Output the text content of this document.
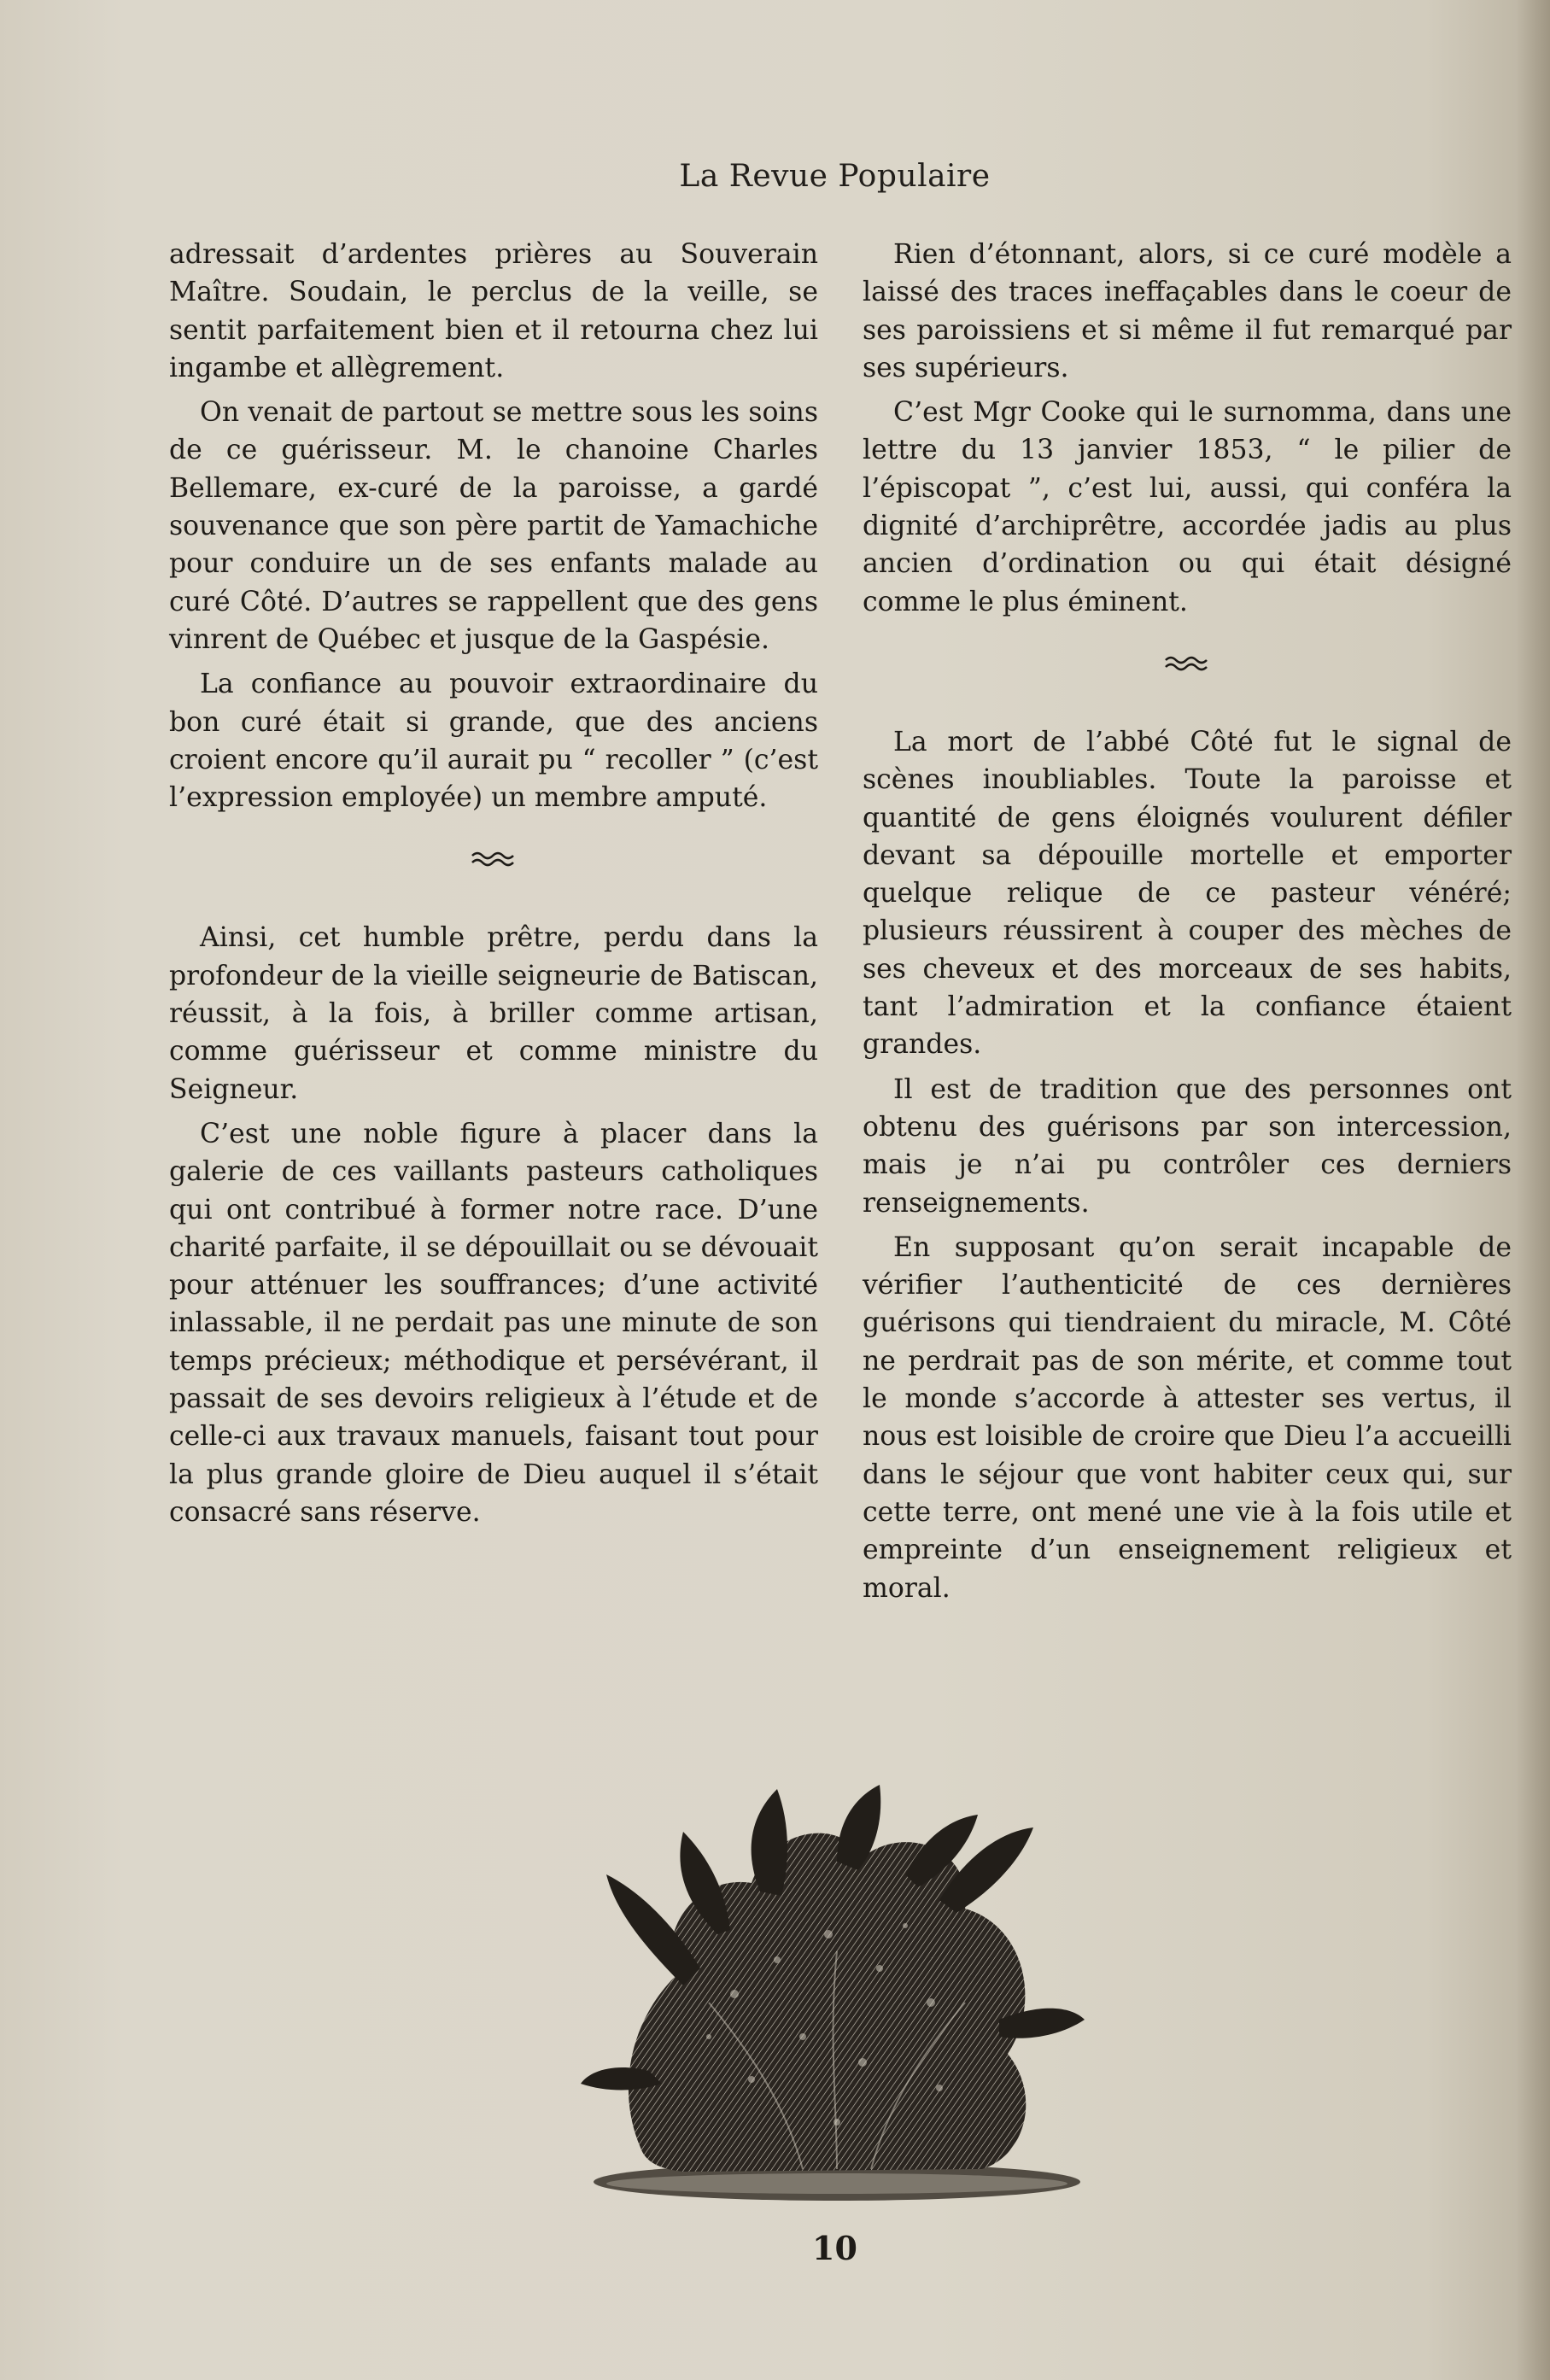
La Revue Populaire

adressait d’ardentes prières au Souverain Maître. Soudain, le perclus de la veille, se sentit parfaitement bien et il retourna chez lui ingambe et allègrement.

On venait de partout se mettre sous les soins de ce guérisseur. M. le chanoine Charles Bellemare, ex-curé de la paroisse, a gardé souvenance que son père partit de Yamachiche pour conduire un de ses enfants malade au curé Côté. D’autres se rappellent que des gens vinrent de Québec et jusque de la Gaspésie.

La confiance au pouvoir extraordinaire du bon curé était si grande, que des anciens croient encore qu’il aurait pu “ recoller ” (c’est l’expression employée) un membre amputé.

Ainsi, cet humble prêtre, perdu dans la profondeur de la vieille seigneurie de Batiscan, réussit, à la fois, à briller comme artisan, comme guérisseur et comme ministre du Seigneur.

C’est une noble figure à placer dans la galerie de ces vaillants pasteurs catholiques qui ont contribué à former notre race. D’une charité parfaite, il se dépouillait ou se dévouait pour atténuer les souffrances; d’une activité inlassable, il ne perdait pas une minute de son temps précieux; méthodique et persévérant, il passait de ses devoirs religieux à l’étude et de celle-ci aux travaux manuels, faisant tout pour la plus grande gloire de Dieu auquel il s’était consacré sans réserve.

Rien d’étonnant, alors, si ce curé modèle a laissé des traces ineffaçables dans le coeur de ses paroissiens et si même il fut remarqué par ses supérieurs.

C’est Mgr Cooke qui le surnomma, dans une lettre du 13 janvier 1853, “ le pilier de l’épiscopat ”, c’est lui, aussi, qui conféra la dignité d’archiprêtre, accordée jadis au plus ancien d’ordination ou qui était désigné comme le plus éminent.

La mort de l’abbé Côté fut le signal de scènes inoubliables. Toute la paroisse et quantité de gens éloignés voulurent défiler devant sa dépouille mortelle et emporter quelque relique de ce pasteur vénéré; plusieurs réussirent à couper des mèches de ses cheveux et des morceaux de ses habits, tant l’admiration et la confiance étaient grandes.

Il est de tradition que des personnes ont obtenu des guérisons par son intercession, mais je n’ai pu contrôler ces derniers renseignements.

En supposant qu’on serait incapable de vérifier l’authenticité de ces dernières guérisons qui tiendraient du miracle, M. Côté ne perdrait pas de son mérite, et comme tout le monde s’accorde à attester ses vertus, il nous est loisible de croire que Dieu l’a accueilli dans le séjour que vont habiter ceux qui, sur cette terre, ont mené une vie à la fois utile et empreinte d’un enseignement religieux et moral.

10
